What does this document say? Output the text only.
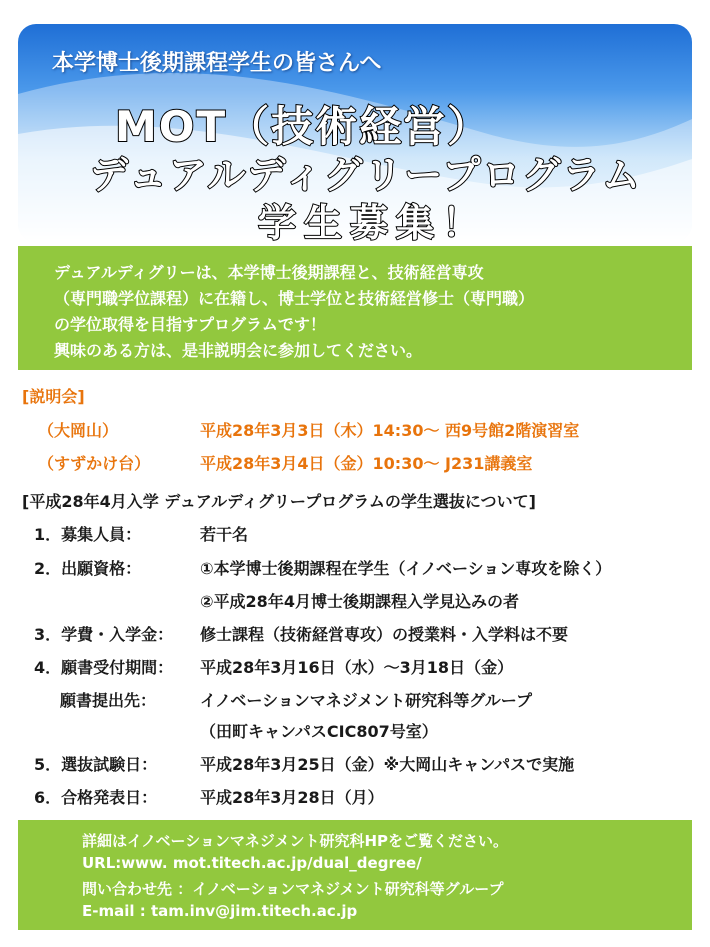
本学博士後期課程学生の皆さんへ

MOT（技術経営）

デュアルディグリープログラム

学生募集！

デュアルディグリーは、本学博士後期課程と、技術経営専攻

（専門職学位課程）に在籍し、博士学位と技術経営修士（専門職）

の学位取得を目指すプログラムです！

興味のある方は、是非説明会に参加してください。

[説明会]

（大岡山）	平成28年3月3日（木）14:30〜 西9号館2階演習室

（すずかけ台）	平成28年3月4日（金）10:30〜 J231講義室

[平成28年4月入学 デュアルディグリープログラムの学生選抜について]

1．募集人員：	若干名

2．出願資格：	①本学博士後期課程在学生（イノベーション専攻を除く）

②平成28年4月博士後期課程入学見込みの者

3．学費・入学金： 修士課程（技術経営専攻）の授業料・入学料は不要

4．願書受付期間： 平成28年3月16日（水）〜3月18日（金）

願書提出先：	イノベーションマネジメント研究科等グループ

（田町キャンパスCIC807号室）

5．選抜試験日：	平成28年3月25日（金）※大岡山キャンパスで実施

6．合格発表日：	平成28年3月28日（月）

詳細はイノベーションマネジメント研究科HPをご覧ください。

URL:www. mot.titech.ac.jp/dual_degree/

問い合わせ先 ：イノベーションマネジメント研究科等グループ

E-mail : tam.inv@jim.titech.ac.jp
